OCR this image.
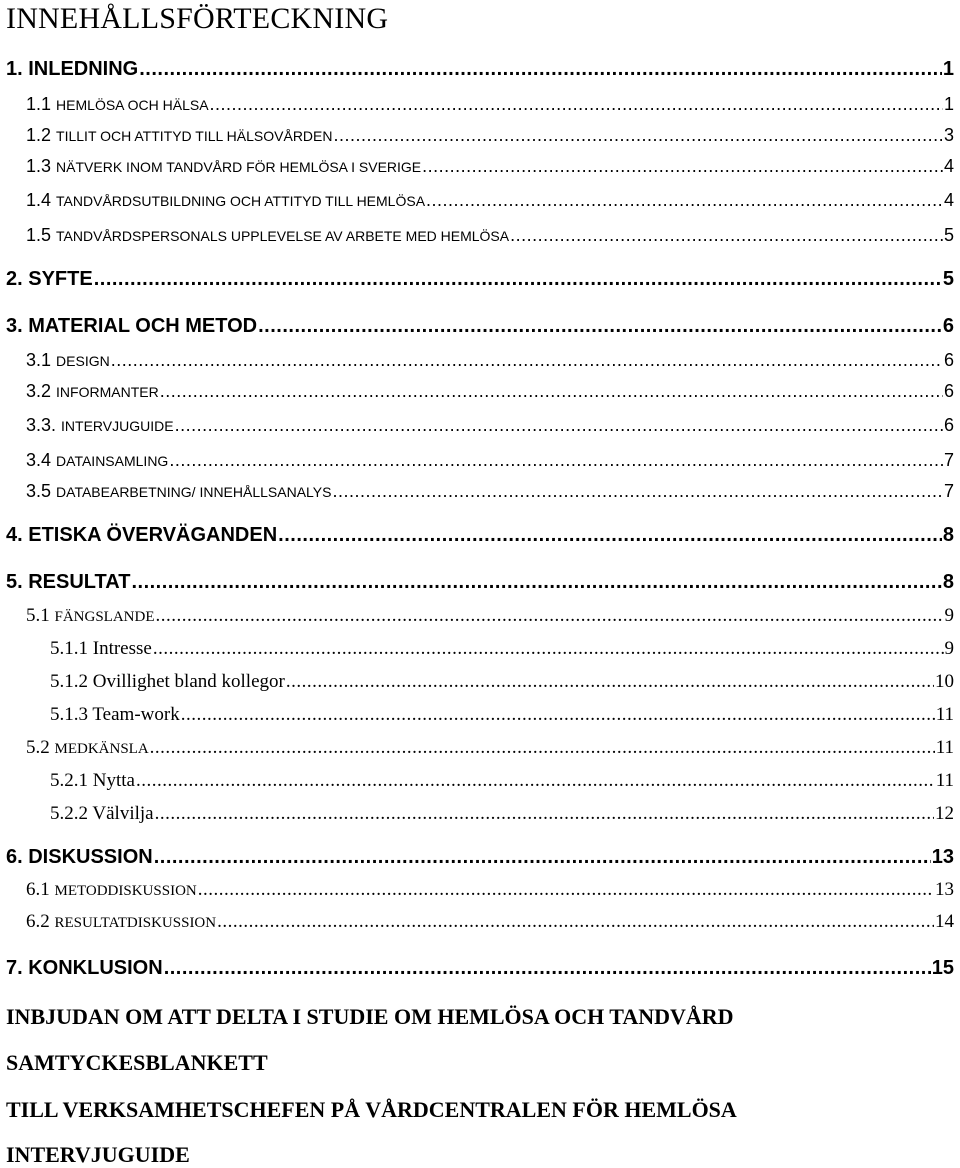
INNEHÅLLSFÖRTECKNING
1. INLEDNING .....	1
1.1 HEMLÖSA OCH HÄLSA .....	1
1.2 TILLIT OCH ATTITYD TILL HÄLSOVÅRDEN .....	3
1.3 NÄTVERK INOM TANDVÅRD FÖR HEMLÖSA I SVERIGE .....	4
1.4 TANDVÅRDSUTBILDNING OCH ATTITYD TILL HEMLÖSA .....	4
1.5 TANDVÅRDSPERSONALS UPPLEVELSE AV ARBETE MED HEMLÖSA .....	5
2. SYFTE .....	5
3. MATERIAL OCH METOD .....	6
3.1 DESIGN .....	6
3.2 INFORMANTER .....	6
3.3. INTERVJUGUIDE .....	6
3.4 DATAINSAMLING .....	7
3.5 DATABEARBETNING/ INNEHÅLLSANALYS .....	7
4. ETISKA ÖVERVÄGANDEN .....	8
5. RESULTAT .....	8
5.1 FÄNGSLANDE .....	9
5.1.1 Intresse .....	9
5.1.2 Ovillighet bland kollegor .....	10
5.1.3 Team-work .....	11
5.2 MEDKÄNSLA .....	11
5.2.1 Nytta .....	11
5.2.2 Välvilja .....	12
6. DISKUSSION .....	13
6.1 METODDISKUSSION .....	13
6.2 RESULTATDISKUSSION .....	14
7. KONKLUSION .....	15
INBJUDAN OM ATT DELTA I STUDIE OM HEMLÖSA OCH TANDVÅRD
SAMTYCKESBLANKETT
TILL VERKSAMHETSCHEFEN PÅ VÅRDCENTRALEN FÖR HEMLÖSA
INTERVJUGUIDE
